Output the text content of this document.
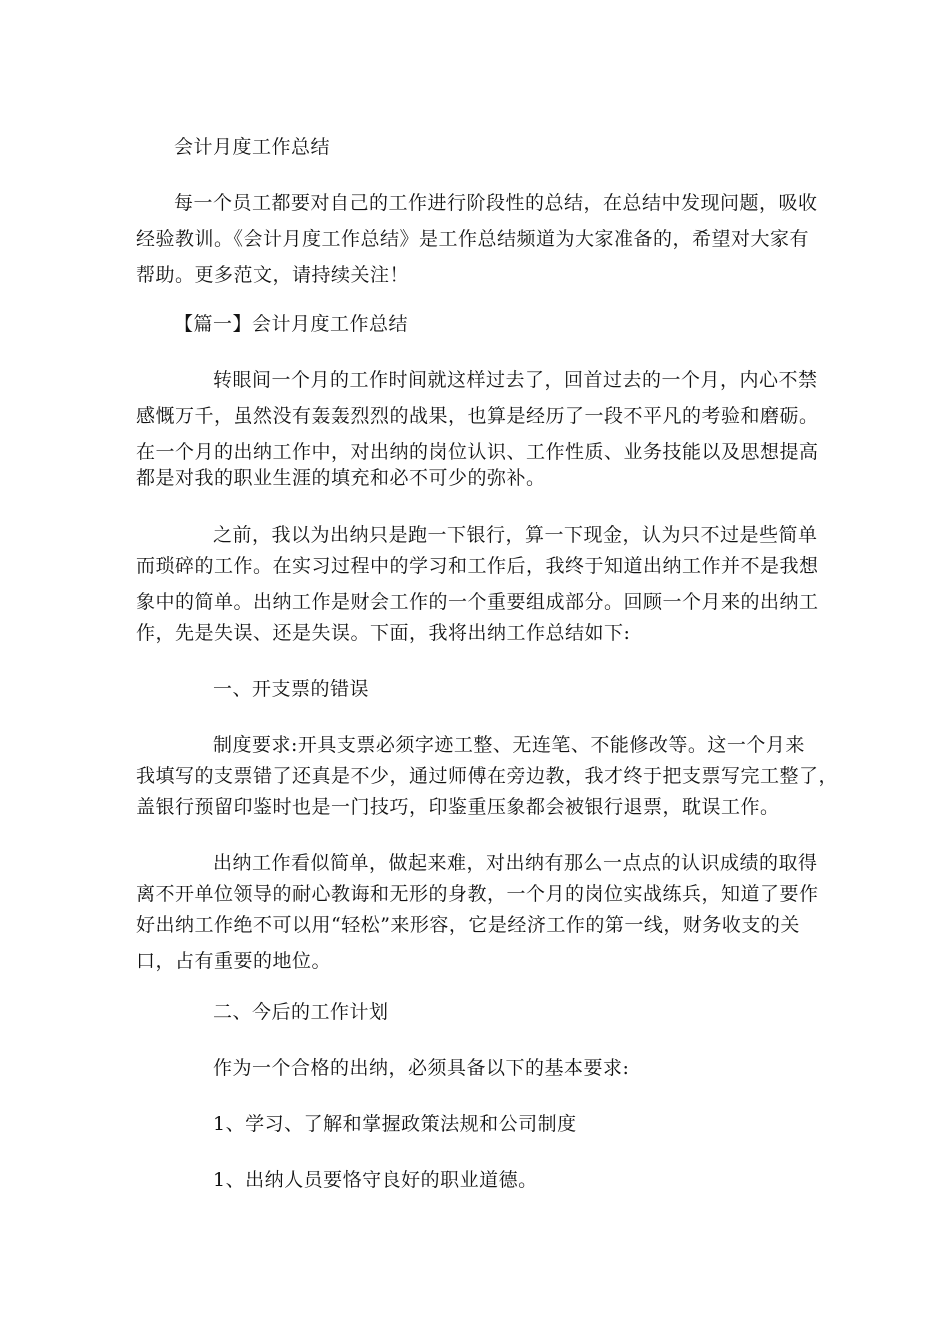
会计月度工作总结
每一个员工都要对自己的工作进行阶段性的总结，在总结中发现问题，吸收
经验教训。《会计月度工作总结》是工作总结频道为大家准备的，希望对大家有
帮助。更多范文，请持续关注！
【篇一】会计月度工作总结
转眼间一个月的工作时间就这样过去了，回首过去的一个月，内心不禁
感慨万千，虽然没有轰轰烈烈的战果，也算是经历了一段不平凡的考验和磨砺。
在一个月的出纳工作中，对出纳的岗位认识、工作性质、业务技能以及思想提高
都是对我的职业生涯的填充和必不可少的弥补。
之前，我以为出纳只是跑一下银行，算一下现金，认为只不过是些简单
而琐碎的工作。在实习过程中的学习和工作后，我终于知道出纳工作并不是我想
象中的简单。出纳工作是财会工作的一个重要组成部分。回顾一个月来的出纳工
作，先是失误、还是失误。下面，我将出纳工作总结如下:
一、开支票的错误
制度要求:开具支票必须字迹工整、无连笔、不能修改等。这一个月来
我填写的支票错了还真是不少，通过师傅在旁边教，我才终于把支票写完工整了，
盖银行预留印鉴时也是一门技巧，印鉴重压象都会被银行退票，耽误工作。
出纳工作看似简单，做起来难，对出纳有那么一点点的认识成绩的取得
离不开单位领导的耐心教诲和无形的身教，一个月的岗位实战练兵，知道了要作
好出纳工作绝不可以用“轻松”来形容，它是经济工作的第一线，财务收支的关
口，占有重要的地位。
二、今后的工作计划
作为一个合格的出纳，必须具备以下的基本要求:
1、学习、了解和掌握政策法规和公司制度
1、出纳人员要恪守良好的职业道德。
